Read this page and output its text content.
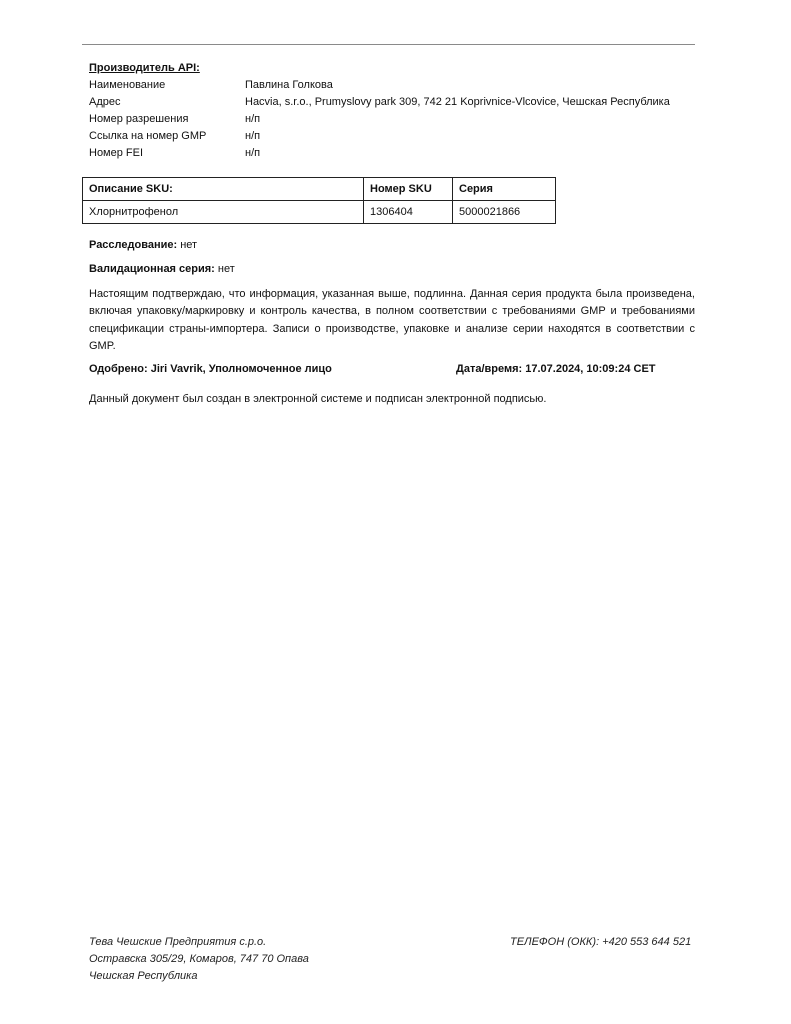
Производитель API:
Наименование	Павлина Голкова
Адрес	Hacvia, s.r.o., Prumyslovy park 309, 742 21 Koprivnice-Vlcovice, Чешская Республика
Номер разрешения	н/п
Ссылка на номер GMP	н/п
Номер FEI	н/п
Описание SKU:	Номер SKU	Серия
Хлорнитрофенол	1306404	5000021866
Расследование: нет
Валидационная серия: нет
Настоящим подтверждаю, что информация, указанная выше, подлинна. Данная серия продукта была произведена, включая упаковку/маркировку и контроль качества, в полном соответствии с требованиями GMP и требованиями спецификации страны-импортера. Записи о производстве, упаковке и анализе серии находятся в соответствии с GMP.
Одобрено: Jiri Vavrik, Уполномоченное лицо	Дата/время: 17.07.2024, 10:09:24 CET
Данный документ был создан в электронной системе и подписан электронной подписью.
Тева Чешские Предприятия с.р.о.
Остравска 305/29, Комаров, 747 70 Опава
Чешская Республика
ТЕЛЕФОН (ОКК): +420 553 644 521
